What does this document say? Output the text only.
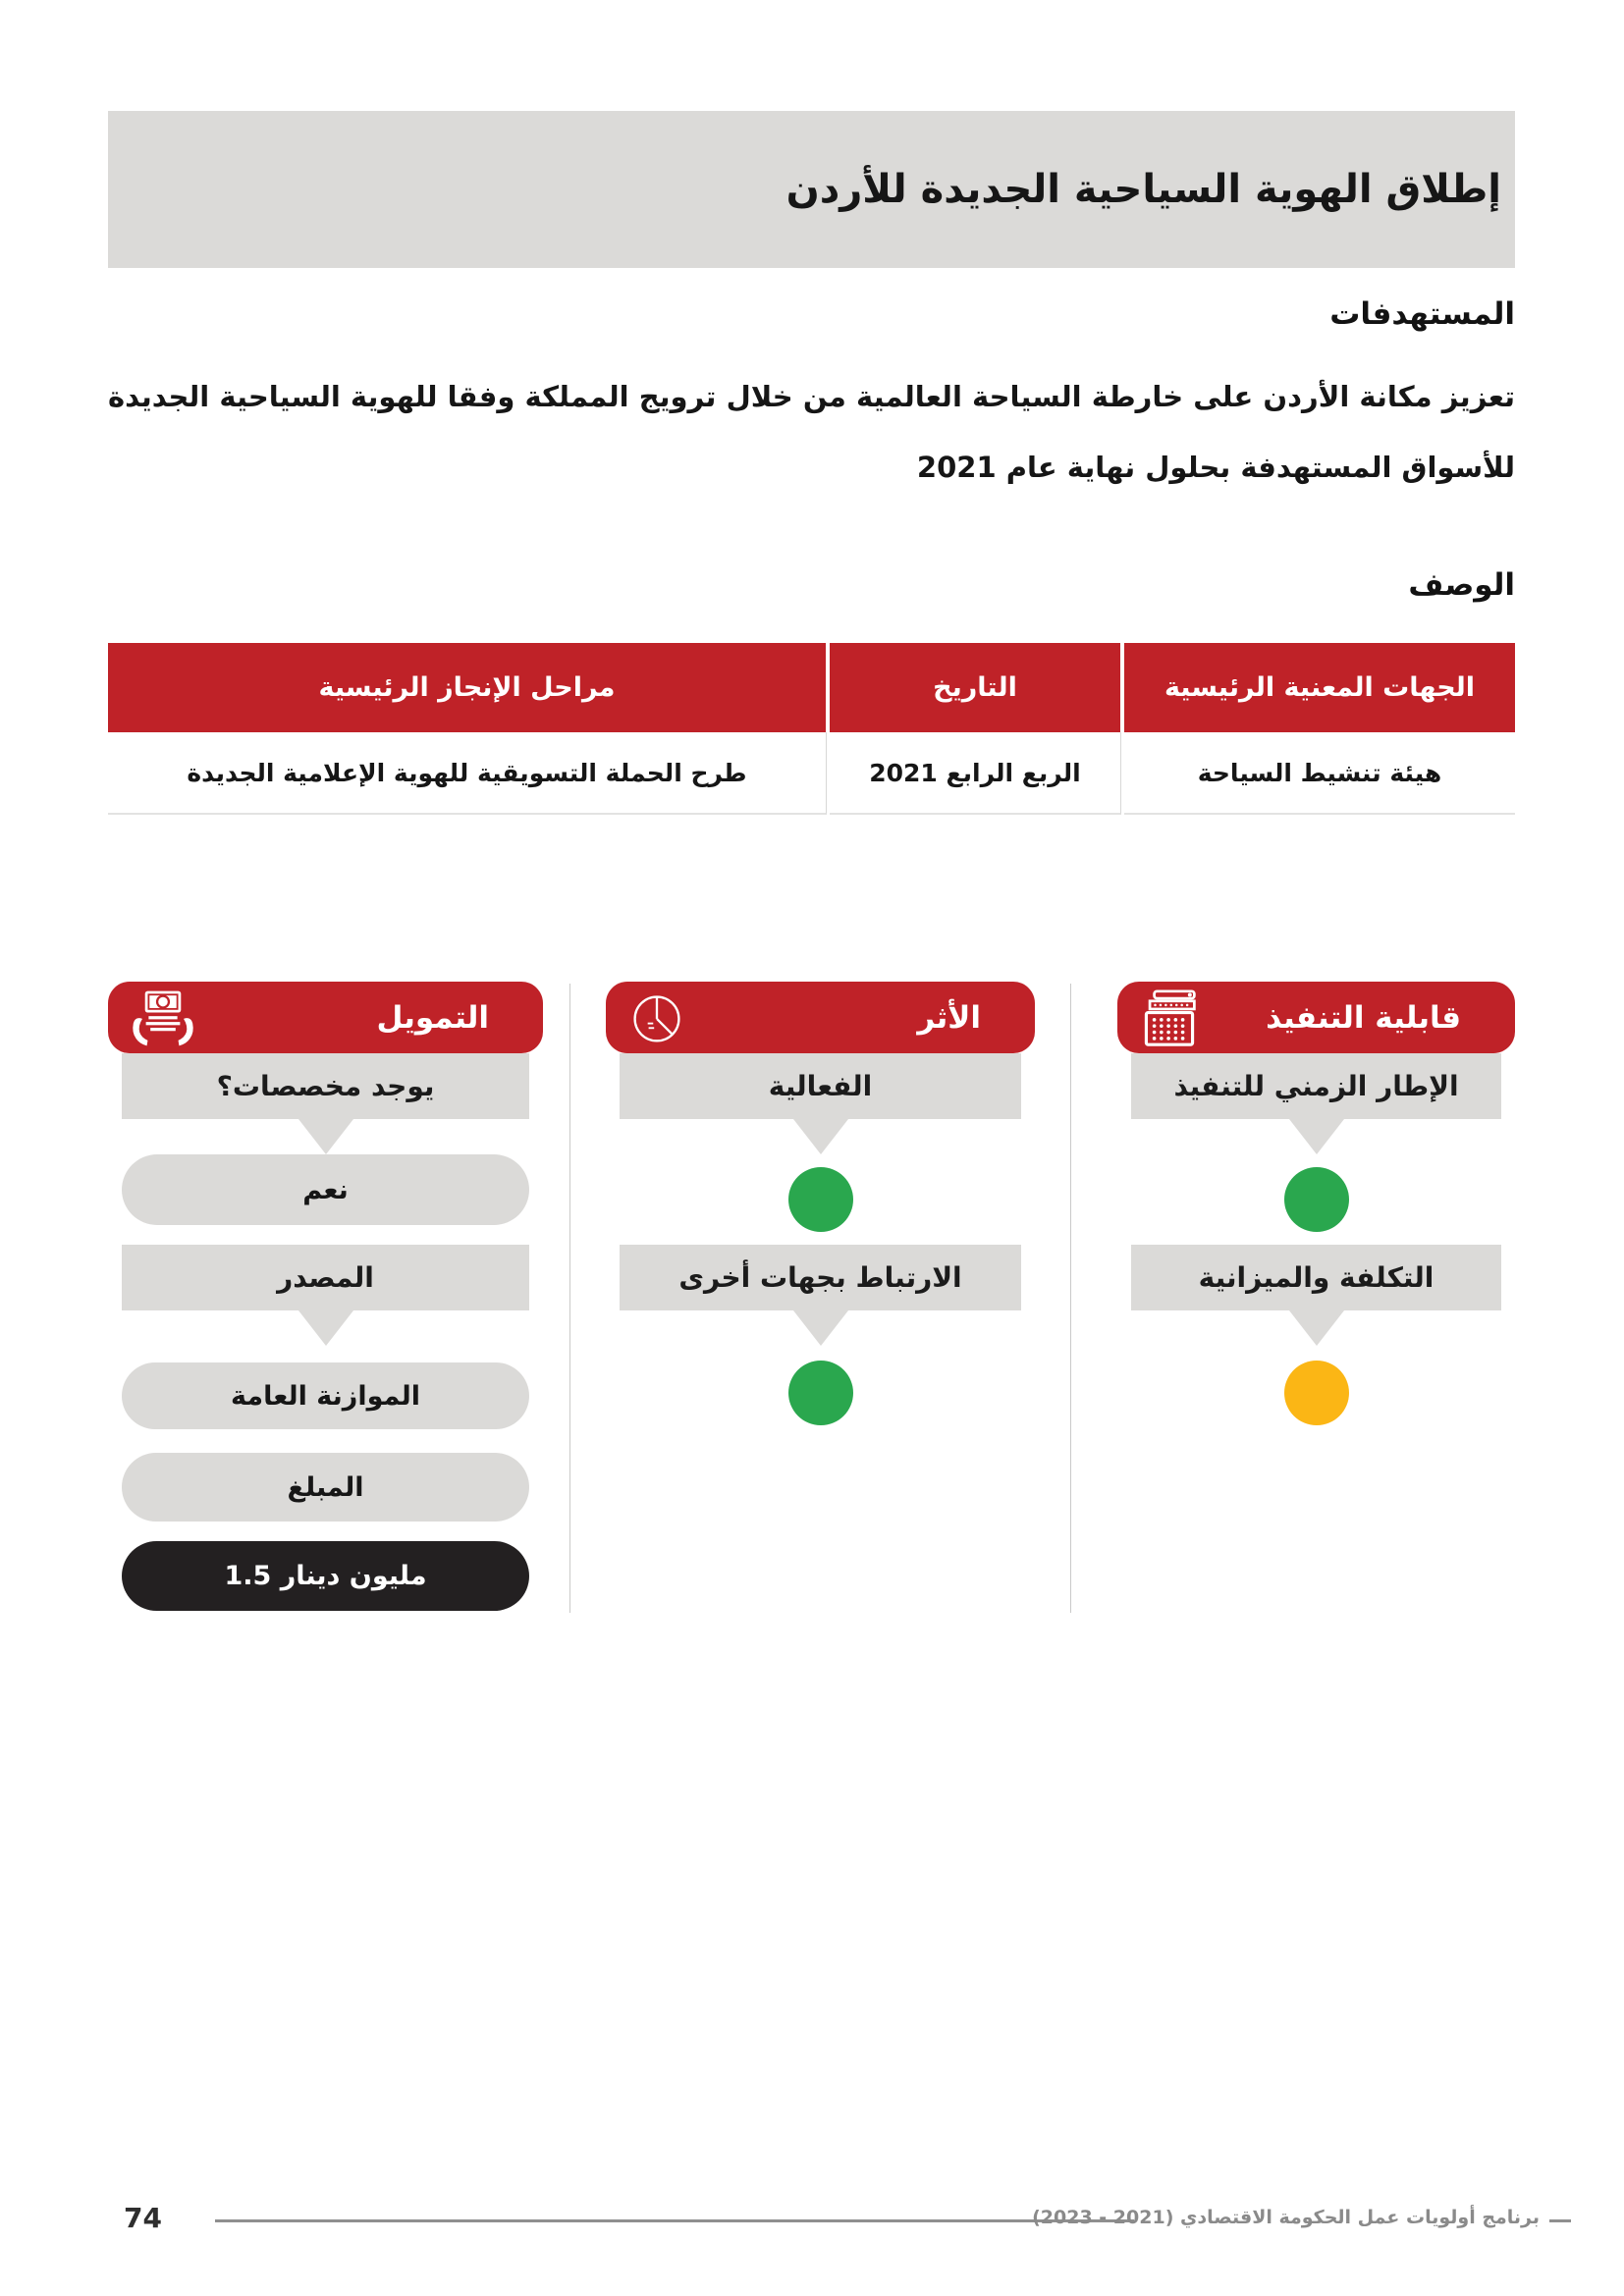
إطلاق الهوية السياحية الجديدة للأردن
المستهدفات

تعزيز مكانة الأردن على خارطة السياحة العالمية من خلال ترويج المملكة وفقا للهوية السياحية الجديدة للأسواق المستهدفة بحلول نهاية عام 2021

الوصف
الجهات المعنية الرئيسية
التاريخ
مراحل الإنجاز الرئيسية
هيئة تنشيط السياحة
الربع الرابع 2021
طرح الحملة التسويقية للهوية الإعلامية الجديدة
قابلية التنفيذ
الإطار الزمني للتنفيذ
التكلفة والميزانية
الأثر
الفعالية
الارتباط بجهات أخرى
التمويل
يوجد مخصصات؟
نعم
المصدر
الموازنة العامة
المبلغ
1.5 مليون دينار
74	برنامج أولويات عمل الحكومة الاقتصادي (2021 - 2023)
